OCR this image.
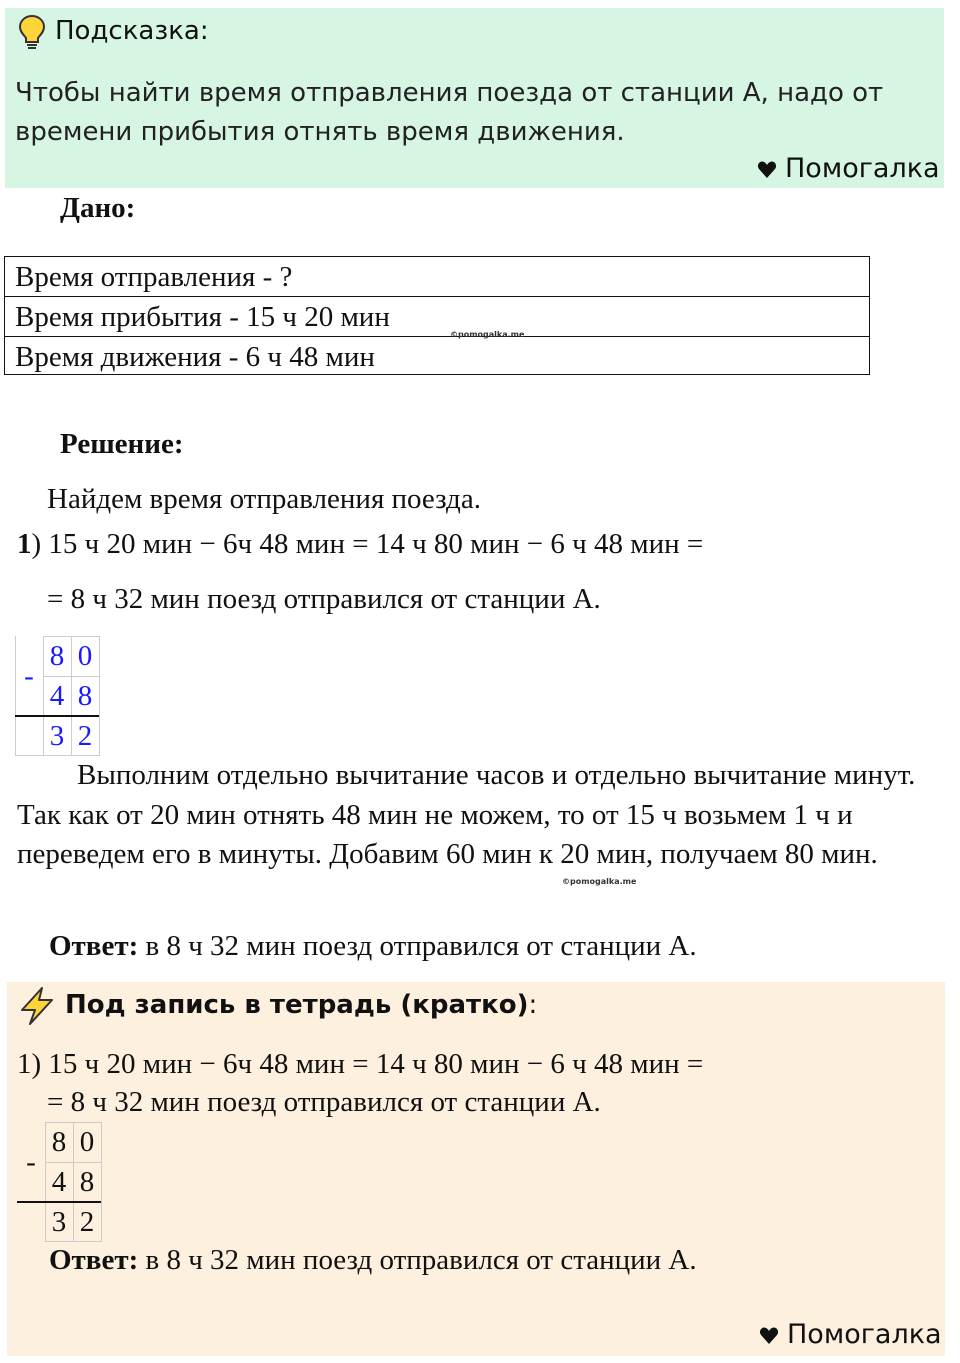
Подсказка:
Чтобы найти время отправления поезда от станции А, надо от времени прибытия отнять время движения.
Помогалка
Дано:
Время отправления - ?
Время прибытия - 15 ч 20 мин
Время движения - 6 ч 48 мин
©pomogalka.me
Решение:
Найдем время отправления поезда.
1) 15 ч 20 мин − 6ч 48 мин = 14 ч 80 мин − 6 ч 48 мин =
= 8 ч 32 мин поезд отправился от станции А.
-
8 0
4 8
3 2
Выполним отдельно вычитание часов и отдельно вычитание минут. Так как от 20 мин отнять 48 мин не можем, то от 15 ч возьмем 1 ч и переведем его в минуты. Добавим 60 мин к 20 мин, получаем 80 мин.
©pomogalka.me
Ответ: в 8 ч 32 мин поезд отправился от станции А.
Под запись в тетрадь (кратко):
1) 15 ч 20 мин − 6ч 48 мин = 14 ч 80 мин − 6 ч 48 мин =
= 8 ч 32 мин поезд отправился от станции А.
-
8 0
4 8
3 2
Ответ: в 8 ч 32 мин поезд отправился от станции А.
Помогалка
